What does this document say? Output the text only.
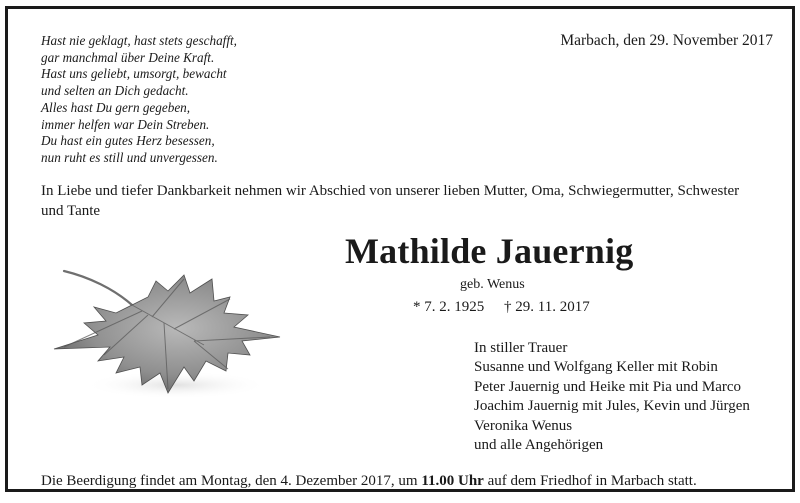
Hast nie geklagt, hast stets geschafft,
gar manchmal über Deine Kraft.
Hast uns geliebt, umsorgt, bewacht
und selten an Dich gedacht.
Alles hast Du gern gegeben,
immer helfen war Dein Streben.
Du hast ein gutes Herz besessen,
nun ruht es still und unvergessen.
Marbach, den 29. November 2017
In Liebe und tiefer Dankbarkeit nehmen wir Abschied von unserer lieben Mutter, Oma, Schwiegermutter, Schwester und Tante
Mathilde Jauernig
geb. Wenus
* 7. 2. 1925 † 29. 11. 2017
In stiller Trauer
Susanne und Wolfgang Keller mit Robin
Peter Jauernig und Heike mit Pia und Marco
Joachim Jauernig mit Jules, Kevin und Jürgen
Veronika Wenus
und alle Angehörigen
Die Beerdigung findet am Montag, den 4. Dezember 2017, um 11.00 Uhr auf dem Friedhof in Marbach statt.
